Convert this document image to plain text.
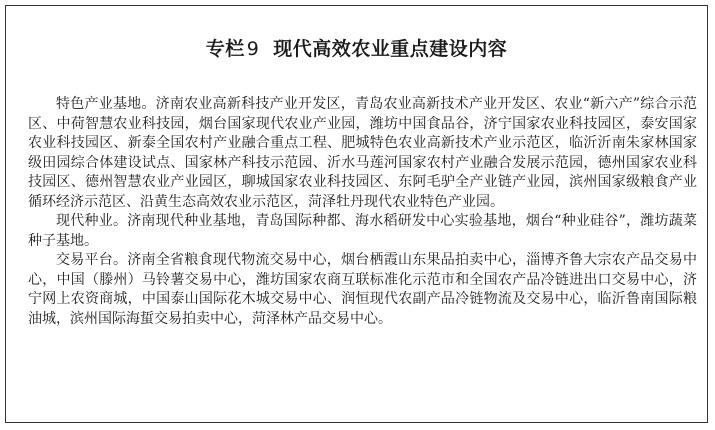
专栏 9 现代高效农业重点建设内容

特色产业基地。济南农业高新科技产业开发区，青岛农业高新技术产业开发区、农业“新六产”综合示范区、中荷智慧农业科技园，烟台国家现代农业产业园，潍坊中国食品谷，济宁国家农业科技园区，泰安国家农业科技园区、新泰全国农村产业融合重点工程、肥城特色农业高新技术产业示范区，临沂沂南朱家林国家级田园综合体建设试点、国家林产科技示范园、沂水马莲河国家农村产业融合发展示范园，德州国家农业科技园区、德州智慧农业产业园区，聊城国家农业科技园区、东阿毛驴全产业链产业园，滨州国家级粮食产业循环经济示范区、沿黄生态高效农业示范区，菏泽牡丹现代农业特色产业园。

现代种业。济南现代种业基地，青岛国际种都、海水稻研发中心实验基地，烟台“种业硅谷”，潍坊蔬菜种子基地。

交易平台。济南全省粮食现代物流交易中心，烟台栖霞山东果品拍卖中心，淄博齐鲁大宗农产品交易中心，中国（滕州）马铃薯交易中心，潍坊国家农商互联标准化示范市和全国农产品冷链进出口交易中心，济宁网上农资商城，中国泰山国际花木城交易中心、润恒现代农副产品冷链物流及交易中心，临沂鲁南国际粮油城，滨州国际海蜇交易拍卖中心，菏泽林产品交易中心。
